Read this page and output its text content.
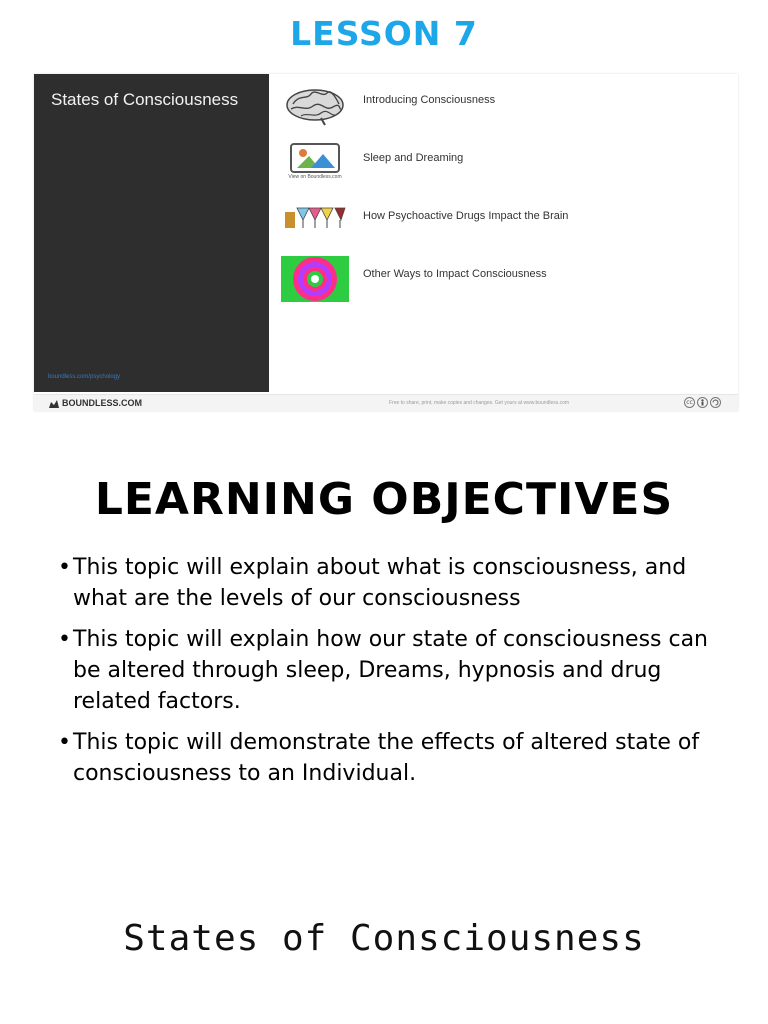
LESSON 7
States of Consciousness
boundless.com/psychology
Introducing Consciousness
View on Boundless.com
Sleep and Dreaming
How Psychoactive Drugs Impact the Brain
Other Ways to Impact Consciousness
BOUNDLESS.COM	Free to share, print, make copies and changes. Get yours at www.boundless.com	cc
LEARNING OBJECTIVES
• This topic will explain about what is consciousness, and what are the levels of our consciousness
• This topic will explain how our state of consciousness can be altered through sleep, Dreams, hypnosis and drug related factors.
• This topic will demonstrate the effects of altered state of consciousness to an Individual.
States of Consciousness
